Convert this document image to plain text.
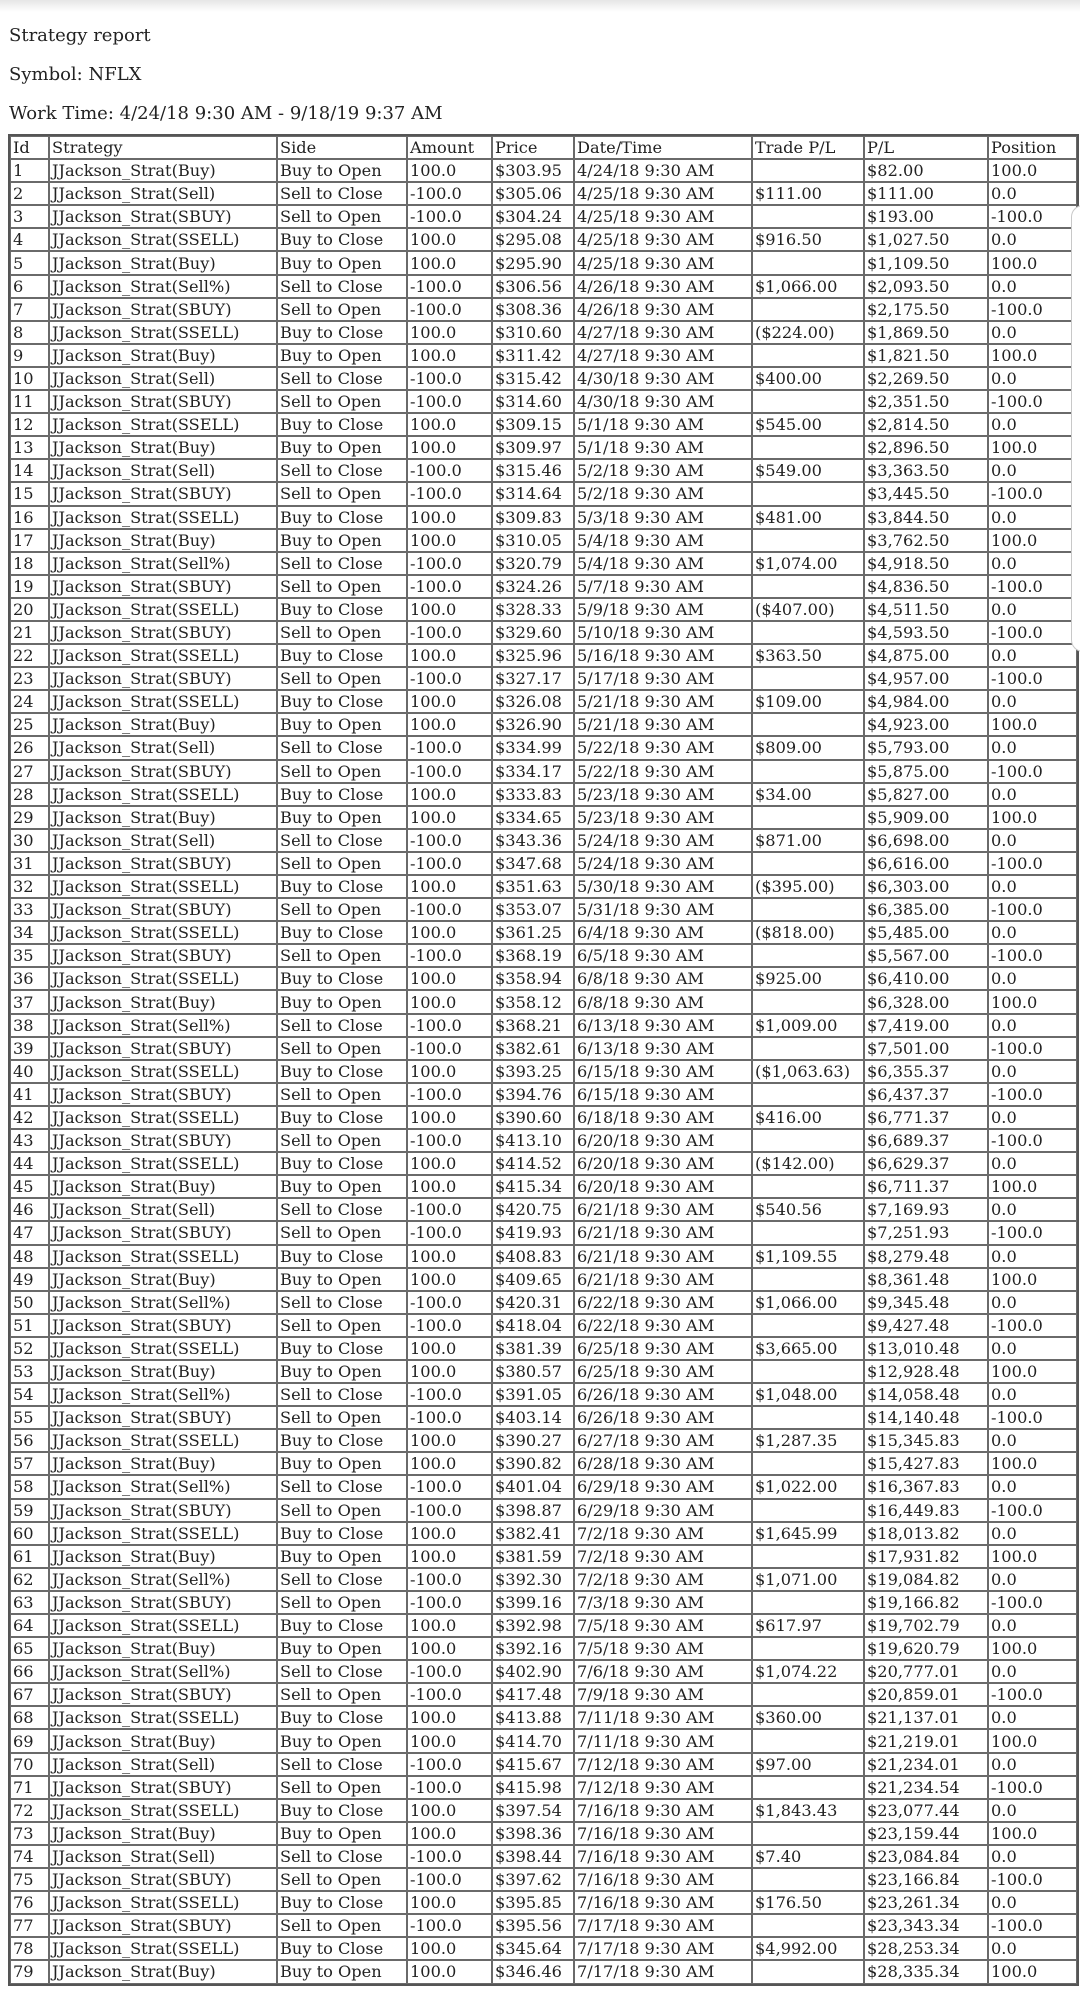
Strategy report

Symbol: NFLX

Work Time: 4/24/18 9:30 AM - 9/18/19 9:37 AM

Id	Strategy	Side	Amount	Price	Date/Time	Trade P/L	P/L	Position
1	JJackson_Strat(Buy)	Buy to Open	100.0	$303.95	4/24/18 9:30 AM		$82.00	100.0
2	JJackson_Strat(Sell)	Sell to Close	-100.0	$305.06	4/25/18 9:30 AM	$111.00	$111.00	0.0
3	JJackson_Strat(SBUY)	Sell to Open	-100.0	$304.24	4/25/18 9:30 AM		$193.00	-100.0
4	JJackson_Strat(SSELL)	Buy to Close	100.0	$295.08	4/25/18 9:30 AM	$916.50	$1,027.50	0.0
5	JJackson_Strat(Buy)	Buy to Open	100.0	$295.90	4/25/18 9:30 AM		$1,109.50	100.0
6	JJackson_Strat(Sell%)	Sell to Close	-100.0	$306.56	4/26/18 9:30 AM	$1,066.00	$2,093.50	0.0
7	JJackson_Strat(SBUY)	Sell to Open	-100.0	$308.36	4/26/18 9:30 AM		$2,175.50	-100.0
8	JJackson_Strat(SSELL)	Buy to Close	100.0	$310.60	4/27/18 9:30 AM	($224.00)	$1,869.50	0.0
9	JJackson_Strat(Buy)	Buy to Open	100.0	$311.42	4/27/18 9:30 AM		$1,821.50	100.0
10	JJackson_Strat(Sell)	Sell to Close	-100.0	$315.42	4/30/18 9:30 AM	$400.00	$2,269.50	0.0
11	JJackson_Strat(SBUY)	Sell to Open	-100.0	$314.60	4/30/18 9:30 AM		$2,351.50	-100.0
12	JJackson_Strat(SSELL)	Buy to Close	100.0	$309.15	5/1/18 9:30 AM	$545.00	$2,814.50	0.0
13	JJackson_Strat(Buy)	Buy to Open	100.0	$309.97	5/1/18 9:30 AM		$2,896.50	100.0
14	JJackson_Strat(Sell)	Sell to Close	-100.0	$315.46	5/2/18 9:30 AM	$549.00	$3,363.50	0.0
15	JJackson_Strat(SBUY)	Sell to Open	-100.0	$314.64	5/2/18 9:30 AM		$3,445.50	-100.0
16	JJackson_Strat(SSELL)	Buy to Close	100.0	$309.83	5/3/18 9:30 AM	$481.00	$3,844.50	0.0
17	JJackson_Strat(Buy)	Buy to Open	100.0	$310.05	5/4/18 9:30 AM		$3,762.50	100.0
18	JJackson_Strat(Sell%)	Sell to Close	-100.0	$320.79	5/4/18 9:30 AM	$1,074.00	$4,918.50	0.0
19	JJackson_Strat(SBUY)	Sell to Open	-100.0	$324.26	5/7/18 9:30 AM		$4,836.50	-100.0
20	JJackson_Strat(SSELL)	Buy to Close	100.0	$328.33	5/9/18 9:30 AM	($407.00)	$4,511.50	0.0
21	JJackson_Strat(SBUY)	Sell to Open	-100.0	$329.60	5/10/18 9:30 AM		$4,593.50	-100.0
22	JJackson_Strat(SSELL)	Buy to Close	100.0	$325.96	5/16/18 9:30 AM	$363.50	$4,875.00	0.0
23	JJackson_Strat(SBUY)	Sell to Open	-100.0	$327.17	5/17/18 9:30 AM		$4,957.00	-100.0
24	JJackson_Strat(SSELL)	Buy to Close	100.0	$326.08	5/21/18 9:30 AM	$109.00	$4,984.00	0.0
25	JJackson_Strat(Buy)	Buy to Open	100.0	$326.90	5/21/18 9:30 AM		$4,923.00	100.0
26	JJackson_Strat(Sell)	Sell to Close	-100.0	$334.99	5/22/18 9:30 AM	$809.00	$5,793.00	0.0
27	JJackson_Strat(SBUY)	Sell to Open	-100.0	$334.17	5/22/18 9:30 AM		$5,875.00	-100.0
28	JJackson_Strat(SSELL)	Buy to Close	100.0	$333.83	5/23/18 9:30 AM	$34.00	$5,827.00	0.0
29	JJackson_Strat(Buy)	Buy to Open	100.0	$334.65	5/23/18 9:30 AM		$5,909.00	100.0
30	JJackson_Strat(Sell)	Sell to Close	-100.0	$343.36	5/24/18 9:30 AM	$871.00	$6,698.00	0.0
31	JJackson_Strat(SBUY)	Sell to Open	-100.0	$347.68	5/24/18 9:30 AM		$6,616.00	-100.0
32	JJackson_Strat(SSELL)	Buy to Close	100.0	$351.63	5/30/18 9:30 AM	($395.00)	$6,303.00	0.0
33	JJackson_Strat(SBUY)	Sell to Open	-100.0	$353.07	5/31/18 9:30 AM		$6,385.00	-100.0
34	JJackson_Strat(SSELL)	Buy to Close	100.0	$361.25	6/4/18 9:30 AM	($818.00)	$5,485.00	0.0
35	JJackson_Strat(SBUY)	Sell to Open	-100.0	$368.19	6/5/18 9:30 AM		$5,567.00	-100.0
36	JJackson_Strat(SSELL)	Buy to Close	100.0	$358.94	6/8/18 9:30 AM	$925.00	$6,410.00	0.0
37	JJackson_Strat(Buy)	Buy to Open	100.0	$358.12	6/8/18 9:30 AM		$6,328.00	100.0
38	JJackson_Strat(Sell%)	Sell to Close	-100.0	$368.21	6/13/18 9:30 AM	$1,009.00	$7,419.00	0.0
39	JJackson_Strat(SBUY)	Sell to Open	-100.0	$382.61	6/13/18 9:30 AM		$7,501.00	-100.0
40	JJackson_Strat(SSELL)	Buy to Close	100.0	$393.25	6/15/18 9:30 AM	($1,063.63)	$6,355.37	0.0
41	JJackson_Strat(SBUY)	Sell to Open	-100.0	$394.76	6/15/18 9:30 AM		$6,437.37	-100.0
42	JJackson_Strat(SSELL)	Buy to Close	100.0	$390.60	6/18/18 9:30 AM	$416.00	$6,771.37	0.0
43	JJackson_Strat(SBUY)	Sell to Open	-100.0	$413.10	6/20/18 9:30 AM		$6,689.37	-100.0
44	JJackson_Strat(SSELL)	Buy to Close	100.0	$414.52	6/20/18 9:30 AM	($142.00)	$6,629.37	0.0
45	JJackson_Strat(Buy)	Buy to Open	100.0	$415.34	6/20/18 9:30 AM		$6,711.37	100.0
46	JJackson_Strat(Sell)	Sell to Close	-100.0	$420.75	6/21/18 9:30 AM	$540.56	$7,169.93	0.0
47	JJackson_Strat(SBUY)	Sell to Open	-100.0	$419.93	6/21/18 9:30 AM		$7,251.93	-100.0
48	JJackson_Strat(SSELL)	Buy to Close	100.0	$408.83	6/21/18 9:30 AM	$1,109.55	$8,279.48	0.0
49	JJackson_Strat(Buy)	Buy to Open	100.0	$409.65	6/21/18 9:30 AM		$8,361.48	100.0
50	JJackson_Strat(Sell%)	Sell to Close	-100.0	$420.31	6/22/18 9:30 AM	$1,066.00	$9,345.48	0.0
51	JJackson_Strat(SBUY)	Sell to Open	-100.0	$418.04	6/22/18 9:30 AM		$9,427.48	-100.0
52	JJackson_Strat(SSELL)	Buy to Close	100.0	$381.39	6/25/18 9:30 AM	$3,665.00	$13,010.48	0.0
53	JJackson_Strat(Buy)	Buy to Open	100.0	$380.57	6/25/18 9:30 AM		$12,928.48	100.0
54	JJackson_Strat(Sell%)	Sell to Close	-100.0	$391.05	6/26/18 9:30 AM	$1,048.00	$14,058.48	0.0
55	JJackson_Strat(SBUY)	Sell to Open	-100.0	$403.14	6/26/18 9:30 AM		$14,140.48	-100.0
56	JJackson_Strat(SSELL)	Buy to Close	100.0	$390.27	6/27/18 9:30 AM	$1,287.35	$15,345.83	0.0
57	JJackson_Strat(Buy)	Buy to Open	100.0	$390.82	6/28/18 9:30 AM		$15,427.83	100.0
58	JJackson_Strat(Sell%)	Sell to Close	-100.0	$401.04	6/29/18 9:30 AM	$1,022.00	$16,367.83	0.0
59	JJackson_Strat(SBUY)	Sell to Open	-100.0	$398.87	6/29/18 9:30 AM		$16,449.83	-100.0
60	JJackson_Strat(SSELL)	Buy to Close	100.0	$382.41	7/2/18 9:30 AM	$1,645.99	$18,013.82	0.0
61	JJackson_Strat(Buy)	Buy to Open	100.0	$381.59	7/2/18 9:30 AM		$17,931.82	100.0
62	JJackson_Strat(Sell%)	Sell to Close	-100.0	$392.30	7/2/18 9:30 AM	$1,071.00	$19,084.82	0.0
63	JJackson_Strat(SBUY)	Sell to Open	-100.0	$399.16	7/3/18 9:30 AM		$19,166.82	-100.0
64	JJackson_Strat(SSELL)	Buy to Close	100.0	$392.98	7/5/18 9:30 AM	$617.97	$19,702.79	0.0
65	JJackson_Strat(Buy)	Buy to Open	100.0	$392.16	7/5/18 9:30 AM		$19,620.79	100.0
66	JJackson_Strat(Sell%)	Sell to Close	-100.0	$402.90	7/6/18 9:30 AM	$1,074.22	$20,777.01	0.0
67	JJackson_Strat(SBUY)	Sell to Open	-100.0	$417.48	7/9/18 9:30 AM		$20,859.01	-100.0
68	JJackson_Strat(SSELL)	Buy to Close	100.0	$413.88	7/11/18 9:30 AM	$360.00	$21,137.01	0.0
69	JJackson_Strat(Buy)	Buy to Open	100.0	$414.70	7/11/18 9:30 AM		$21,219.01	100.0
70	JJackson_Strat(Sell)	Sell to Close	-100.0	$415.67	7/12/18 9:30 AM	$97.00	$21,234.01	0.0
71	JJackson_Strat(SBUY)	Sell to Open	-100.0	$415.98	7/12/18 9:30 AM		$21,234.54	-100.0
72	JJackson_Strat(SSELL)	Buy to Close	100.0	$397.54	7/16/18 9:30 AM	$1,843.43	$23,077.44	0.0
73	JJackson_Strat(Buy)	Buy to Open	100.0	$398.36	7/16/18 9:30 AM		$23,159.44	100.0
74	JJackson_Strat(Sell)	Sell to Close	-100.0	$398.44	7/16/18 9:30 AM	$7.40	$23,084.84	0.0
75	JJackson_Strat(SBUY)	Sell to Open	-100.0	$397.62	7/16/18 9:30 AM		$23,166.84	-100.0
76	JJackson_Strat(SSELL)	Buy to Close	100.0	$395.85	7/16/18 9:30 AM	$176.50	$23,261.34	0.0
77	JJackson_Strat(SBUY)	Sell to Open	-100.0	$395.56	7/17/18 9:30 AM		$23,343.34	-100.0
78	JJackson_Strat(SSELL)	Buy to Close	100.0	$345.64	7/17/18 9:30 AM	$4,992.00	$28,253.34	0.0
79	JJackson_Strat(Buy)	Buy to Open	100.0	$346.46	7/17/18 9:30 AM		$28,335.34	100.0
